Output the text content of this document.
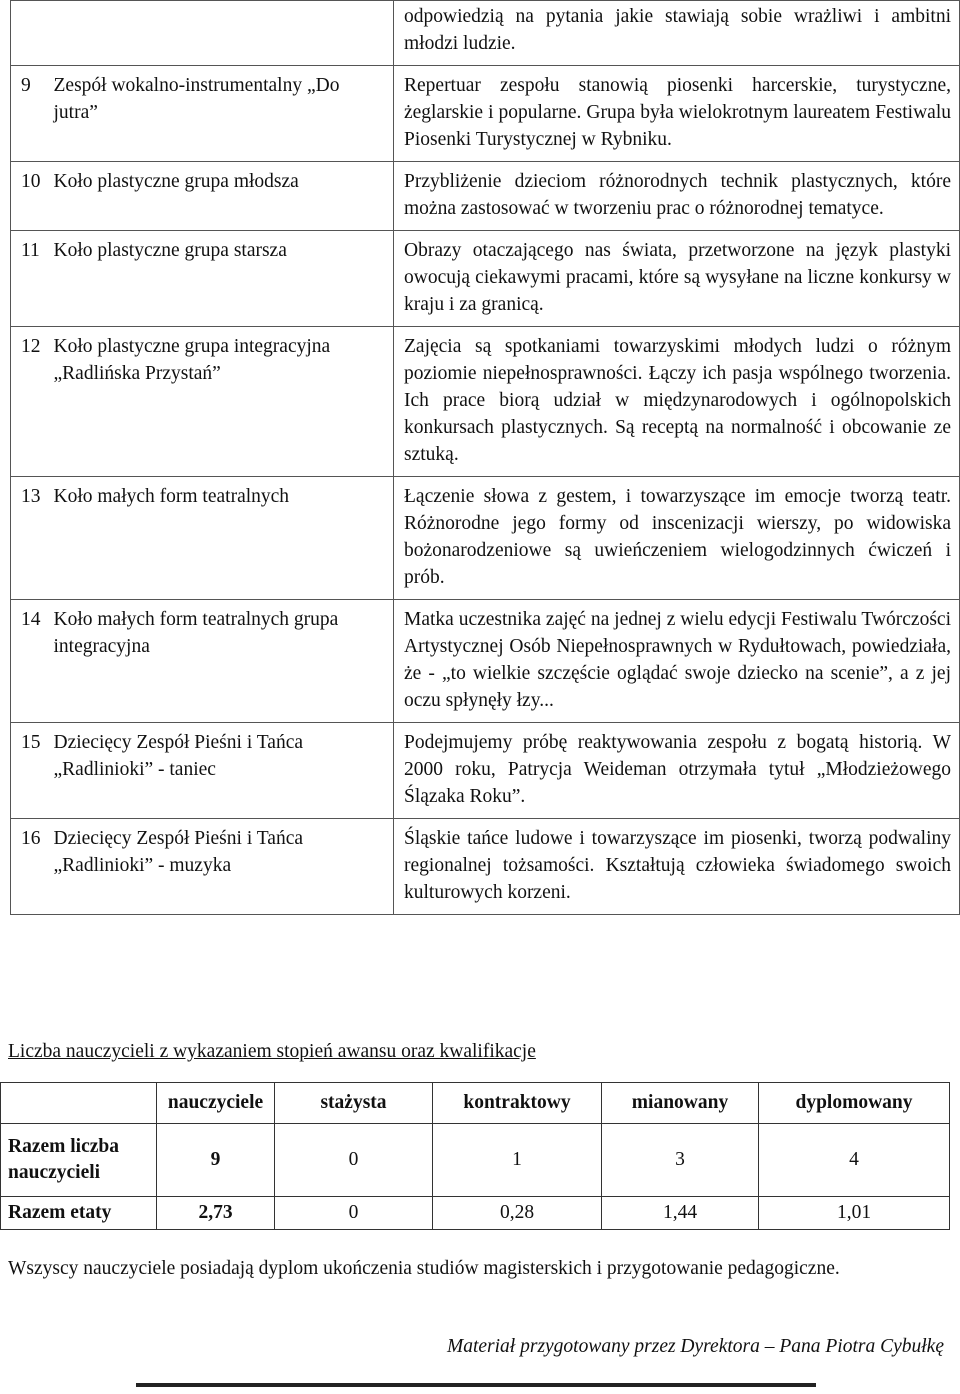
		odpowiedzią na pytania jakie stawiają sobie wrażliwi i ambitni młodzi ludzie.

9	Zespół wokalno-instrumentalny „Do jutra”	Repertuar zespołu stanowią piosenki harcerskie, turystyczne, żeglarskie i popularne. Grupa była wielokrotnym laureatem Festiwalu Piosenki Turystycznej w Rybniku.

10	Koło plastyczne grupa młodsza	Przybliżenie dzieciom różnorodnych technik plastycznych, które można zastosować w tworzeniu prac o różnorodnej tematyce.

11	Koło plastyczne grupa starsza	Obrazy otaczającego nas świata, przetworzone na język plastyki owocują ciekawymi pracami, które są wysyłane na liczne konkursy w kraju i za granicą.

12	Koło plastyczne grupa integracyjna „Radlińska Przystań”	Zajęcia są spotkaniami towarzyskimi młodych ludzi o różnym poziomie niepełnosprawności. Łączy ich pasja wspólnego tworzenia. Ich prace biorą udział w międzynarodowych i ogólnopolskich konkursach plastycznych. Są receptą na normalność i obcowanie ze sztuką.

13	Koło małych form teatralnych	Łączenie słowa z gestem, i towarzyszące im emocje tworzą teatr. Różnorodne jego formy od inscenizacji wierszy, po widowiska bożonarodzeniowe są uwieńczeniem wielogodzinnych ćwiczeń i prób.

14	Koło małych form teatralnych grupa integracyjna	Matka uczestnika zajęć na jednej z wielu edycji Festiwalu Twórczości Artystycznej Osób Niepełnosprawnych w Rydułtowach, powiedziała, że - „to wielkie szczęście oglądać swoje dziecko na scenie”, a z jej oczu spłynęły łzy...

15	Dziecięcy Zespół Pieśni i Tańca „Radlinioki” - taniec	Podejmujemy próbę reaktywowania zespołu z bogatą historią. W 2000 roku, Patrycja Weideman otrzymała tytuł „Młodzieżowego Ślązaka Roku”.

16	Dziecięcy Zespół Pieśni i Tańca „Radlinioki” - muzyka	Śląskie tańce ludowe i towarzyszące im piosenki, tworzą podwaliny regionalnej tożsamości. Kształtują człowieka świadomego swoich kulturowych korzeni.
Liczba nauczycieli z wykazaniem stopień awansu oraz kwalifikacje
	nauczyciele	stażysta	kontraktowy	mianowany	dyplomowany
Razem liczba nauczycieli	9	0	1	3	4
Razem etaty	2,73	0	0,28	1,44	1,01

Wszyscy nauczyciele posiadają dyplom ukończenia studiów magisterskich i przygotowanie pedagogiczne.

Materiał przygotowany przez Dyrektora – Pana Piotra Cybułkę
